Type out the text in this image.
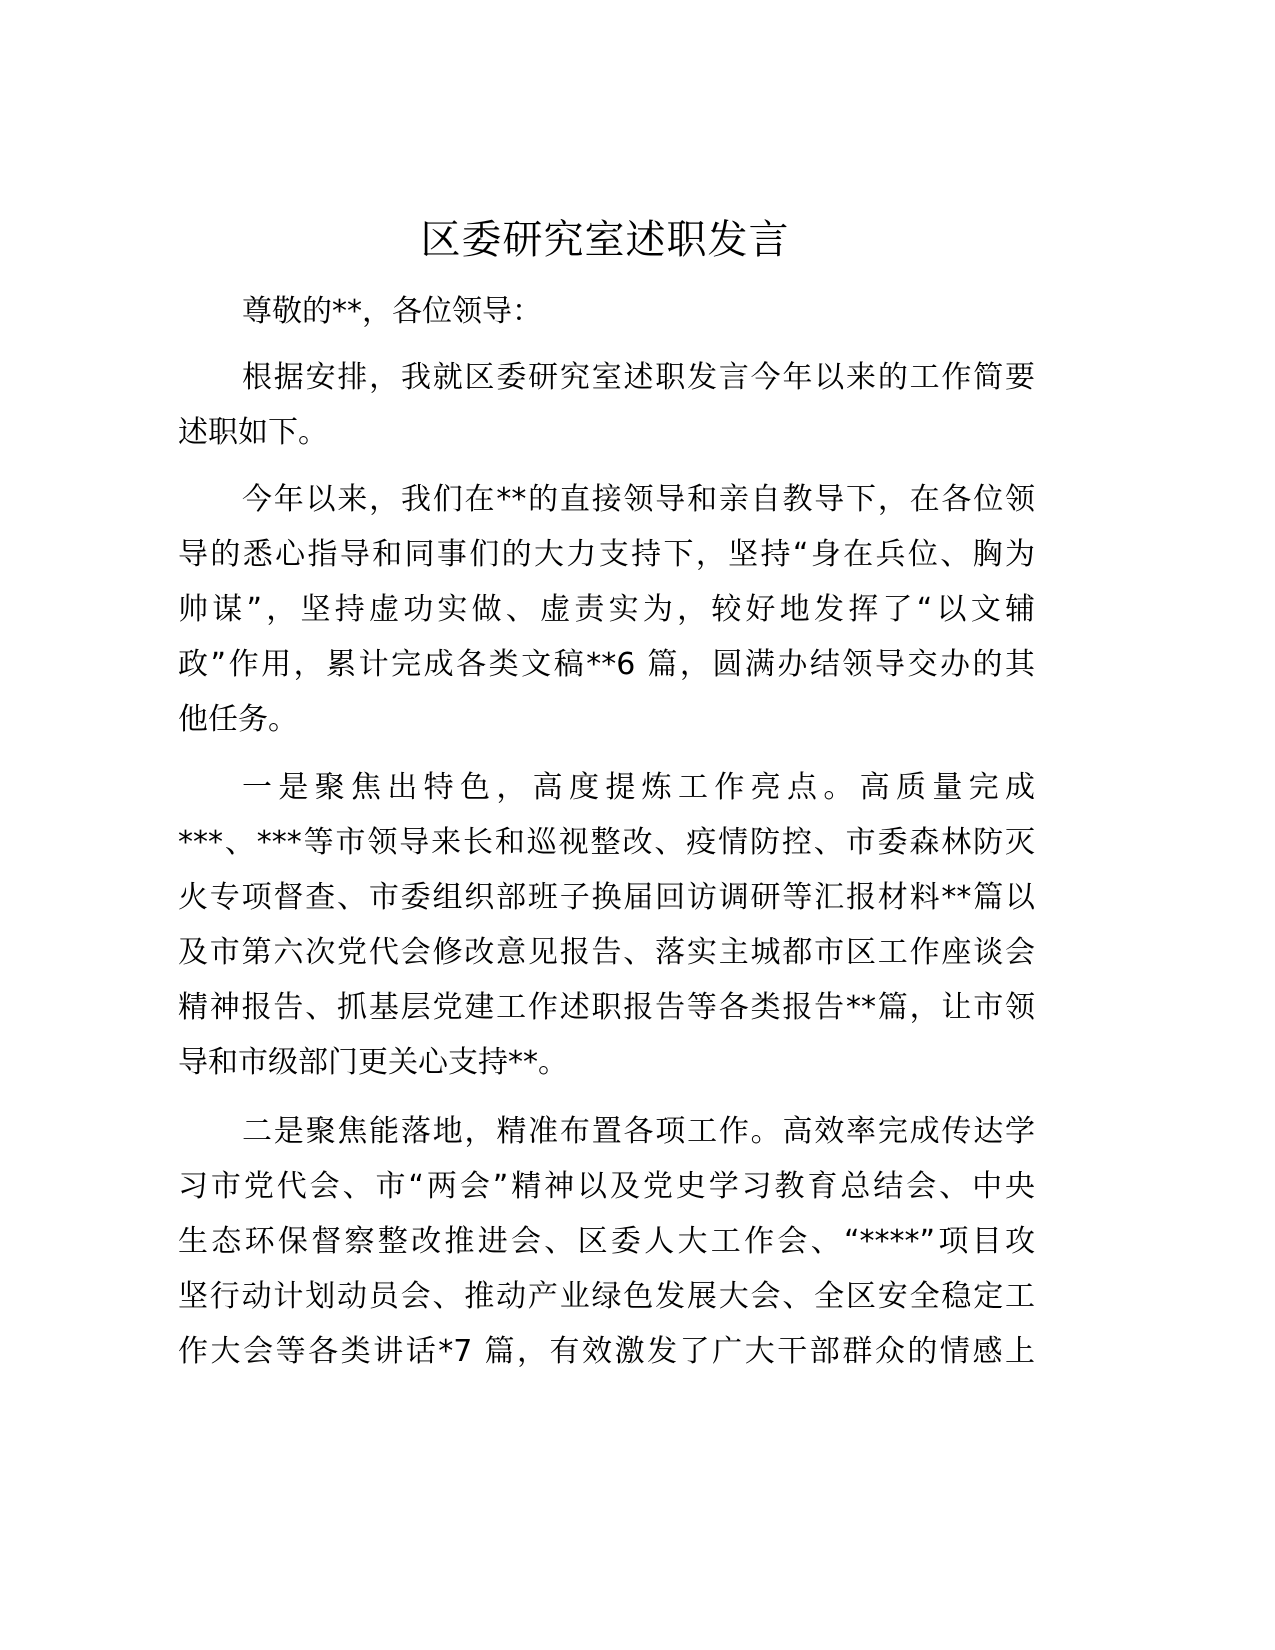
区委研究室述职发言
尊敬的**，各位领导：
根据安排，我就区委研究室述职发言今年以来的工作简要
述职如下。
今年以来，我们在**的直接领导和亲自教导下，在各位领
导的悉心指导和同事们的大力支持下，坚持“身在兵位、胸为
帅谋”，坚持虚功实做、虚责实为，较好地发挥了“以文辅
政”作用，累计完成各类文稿**6 篇，圆满办结领导交办的其
他任务。
一是聚焦出特色，高度提炼工作亮点。高质量完成
***、***等市领导来长和巡视整改、疫情防控、市委森林防灭
火专项督查、市委组织部班子换届回访调研等汇报材料**篇以
及市第六次党代会修改意见报告、落实主城都市区工作座谈会
精神报告、抓基层党建工作述职报告等各类报告**篇，让市领
导和市级部门更关心支持**。
二是聚焦能落地，精准布置各项工作。高效率完成传达学
习市党代会、市“两会”精神以及党史学习教育总结会、中央
生态环保督察整改推进会、区委人大工作会、“****”项目攻
坚行动计划动员会、推动产业绿色发展大会、全区安全稳定工
作大会等各类讲话*7 篇，有效激发了广大干部群众的情感上
